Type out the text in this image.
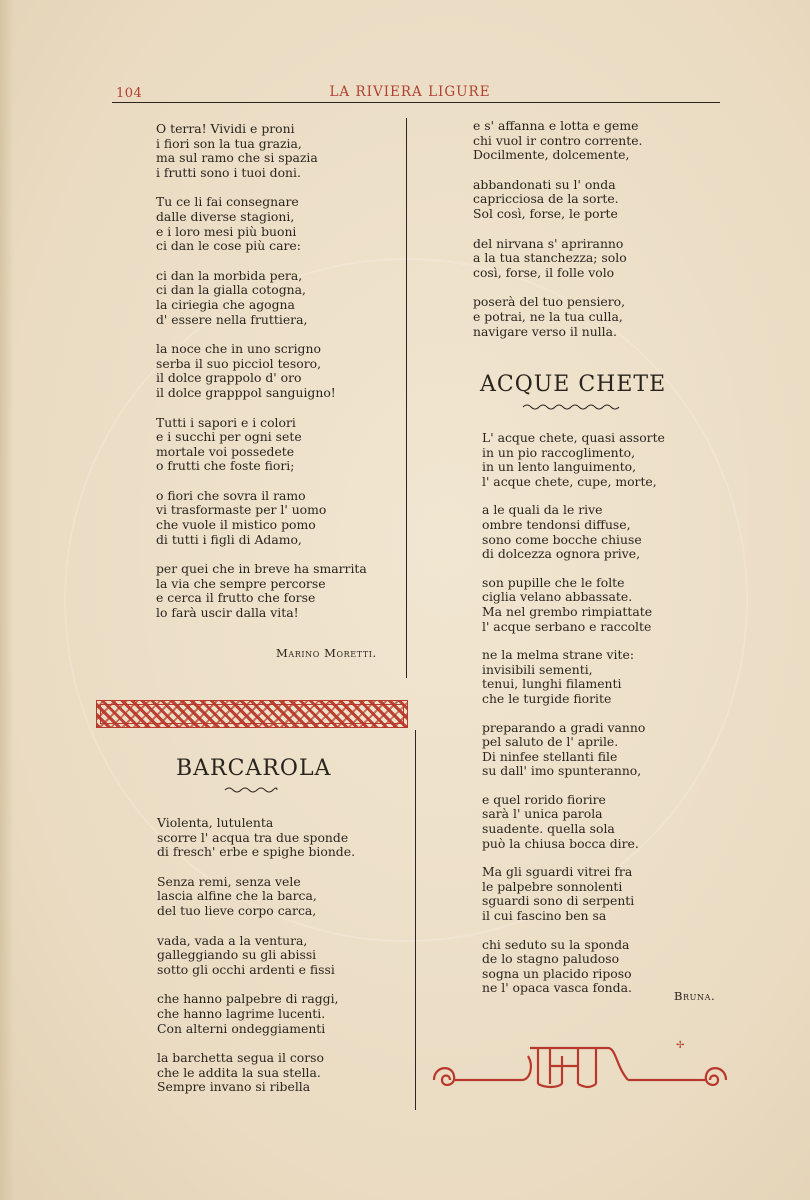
104	LA RIVIERA LIGURE
O terra! Vividi e proni
i fiori son la tua grazia,
ma sul ramo che si spazia
i frutti sono i tuoi doni.
Tu ce li fai consegnare
dalle diverse stagioni,
e i loro mesi più buoni
ci dan le cose più care:
ci dan la morbida pera,
ci dan la gialla cotogna,
la ciriegia che agogna
d' essere nella fruttiera,
la noce che in uno scrigno
serba il suo picciol tesoro,
il dolce grappolo d' oro
il dolce grapppol sanguigno!
Tutti i sapori e i colori
e i succhi per ogni sete
mortale voi possedete
o frutti che foste fiori;
o fiori che sovra il ramo
vi trasformaste per l' uomo
che vuole il mistico pomo
di tutti i figli di Adamo,
per quei che in breve ha smarrita
la via che sempre percorse
e cerca il frutto che forse
lo farà uscir dalla vita!
Marino Moretti.
BARCAROLA
Violenta, lutulenta
scorre l' acqua tra due sponde
di fresch' erbe e spighe bionde.
Senza remi, senza vele
lascia alfine che la barca,
del tuo lieve corpo carca,
vada, vada a la ventura,
galleggiando su gli abissi
sotto gli occhi ardenti e fissi
che hanno palpebre di raggi,
che hanno lagrime lucenti.
Con alterni ondeggiamenti
la barchetta segua il corso
che le addita la sua stella.
Sempre invano si ribella
e s' affanna e lotta e geme
chi vuol ir contro corrente.
Docilmente, dolcemente,
abbandonati su l' onda
capricciosa de la sorte.
Sol così, forse, le porte
del nirvana s' apriranno
a la tua stanchezza; solo
così, forse, il folle volo
poserà del tuo pensiero,
e potrai, ne la tua culla,
navigare verso il nulla.
ACQUE CHETE
L' acque chete, quasi assorte
in un pio raccoglimento,
in un lento languimento,
l' acque chete, cupe, morte,
a le quali da le rive
ombre tendonsi diffuse,
sono come bocche chiuse
di dolcezza ognora prive,
son pupille che le folte
ciglia velano abbassate.
Ma nel grembo rimpiattate
l' acque serbano e raccolte
ne la melma strane vite:
invisibili sementi,
tenui, lunghi filamenti
che le turgide fiorite
preparando a gradi vanno
pel saluto de l' aprile.
Di ninfee stellanti file
su dall' imo spunteranno,
e quel rorido fiorire
sarà l' unica parola
suadente. quella sola
può la chiusa bocca dire.
Ma gli sguardi vitrei fra
le palpebre sonnolenti
sguardi sono di serpenti
il cui fascino ben sa
chi seduto su la sponda
de lo stagno paludoso
sogna un placido riposo
ne l' opaca vasca fonda.
Bruna.
✢
